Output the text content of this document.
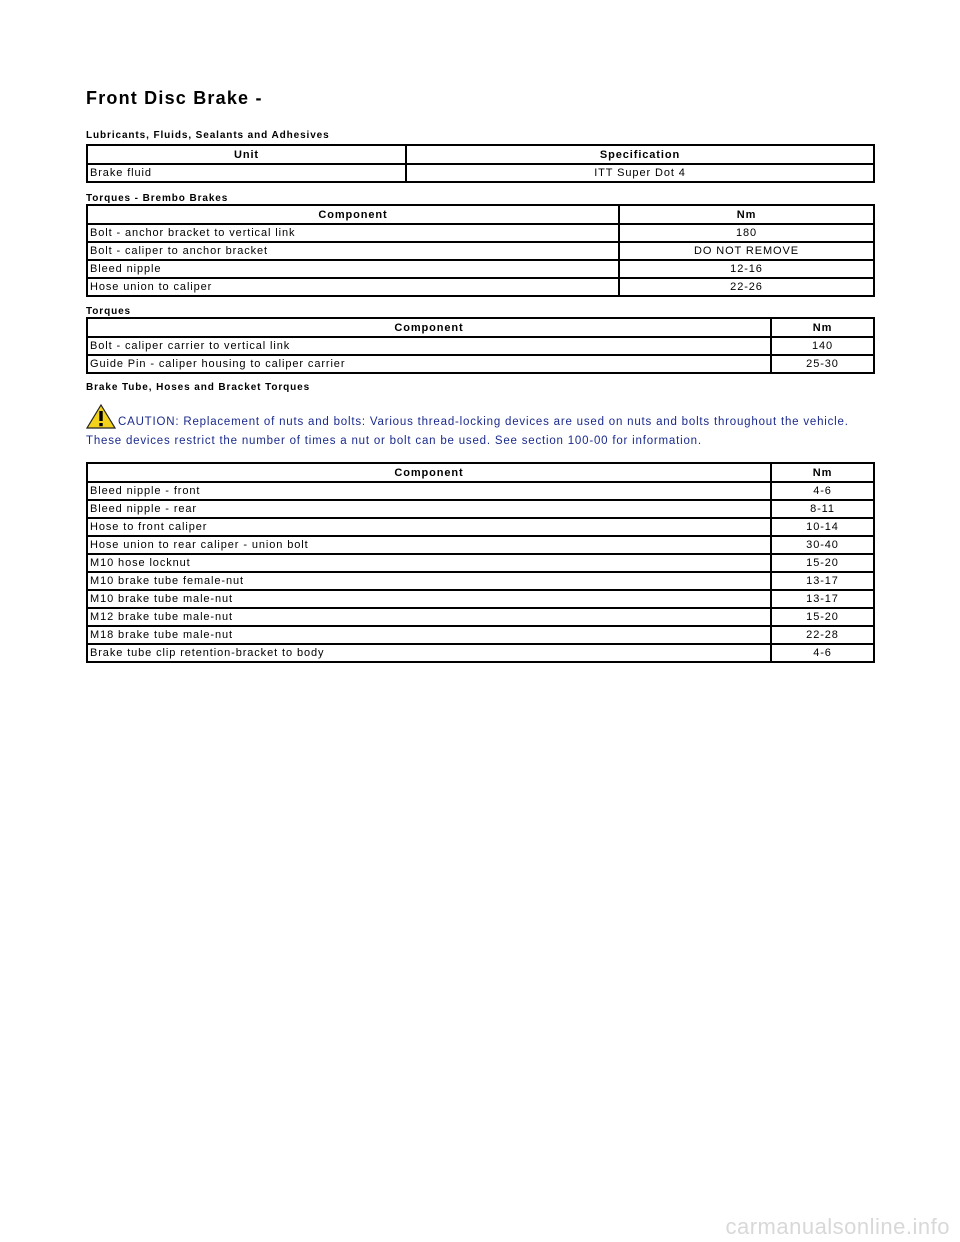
Front Disc Brake -
Lubricants, Fluids, Sealants and Adhesives
Unit	Specification
Brake fluid	ITT Super Dot 4
Torques - Brembo Brakes
Component	Nm
Bolt - anchor bracket to vertical link	180
Bolt - caliper to anchor bracket	DO NOT REMOVE
Bleed nipple	12-16
Hose union to caliper	22-26
Torques
Component	Nm
Bolt - caliper carrier to vertical link	140
Guide Pin - caliper housing to caliper carrier	25-30
Brake Tube, Hoses and Bracket Torques
CAUTION: Replacement of nuts and bolts: Various thread-locking devices are used on nuts and bolts throughout the vehicle. These devices restrict the number of times a nut or bolt can be used. See section 100-00 for information.
Component	Nm
Bleed nipple - front	4-6
Bleed nipple - rear	8-11
Hose to front caliper	10-14
Hose union to rear caliper - union bolt	30-40
M10 hose locknut	15-20
M10 brake tube female-nut	13-17
M10 brake tube male-nut	13-17
M12 brake tube male-nut	15-20
M18 brake tube male-nut	22-28
Brake tube clip retention-bracket to body	4-6
carmanualsonline.info
